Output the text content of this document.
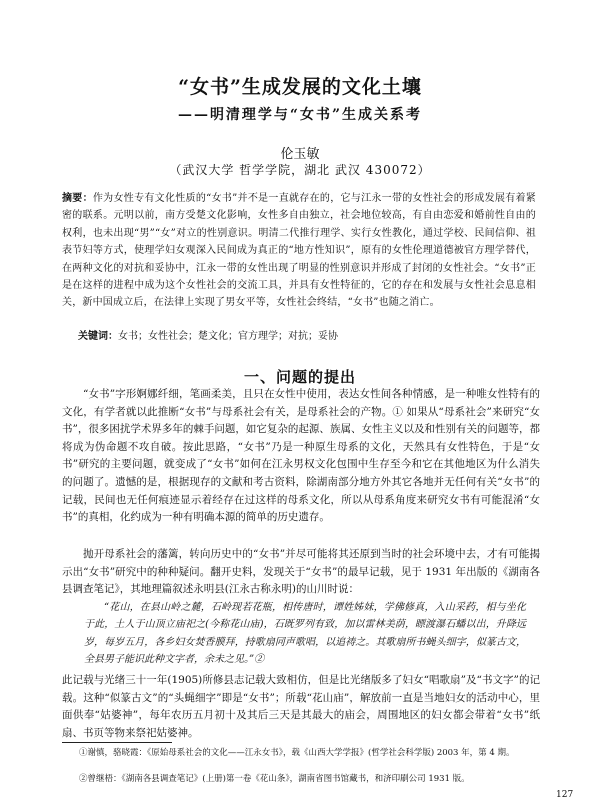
“女书”生成发展的文化土壤
——明清理学与“女书”生成关系考
伦玉敏
（武汉大学 哲学学院，湖北 武汉 430072）
摘要：作为女性专有文化性质的“女书”并不是一直就存在的，它与江永一带的女性社会的形成发展有着紧密的联系。元明以前，南方受楚文化影响，女性多自由独立，社会地位较高，有自由恋爱和婚前性自由的权利，也未出现“男”“女”对立的性别意识。明清二代推行理学、实行女性教化，通过学校、民间信仰、祖表节妇等方式，使理学妇女观深入民间成为真正的“地方性知识”，原有的女性伦理道德被官方理学替代，在两种文化的对抗和妥协中，江永一带的女性出现了明显的性别意识并形成了封闭的女性社会。“女书”正是在这样的进程中成为这个女性社会的交流工具，并具有女性特征的，它的存在和发展与女性社会息息相关，新中国成立后，在法律上实现了男女平等，女性社会终结，“女书”也随之消亡。
关键词：女书；女性社会；楚文化；官方理学；对抗；妥协
一、问题的提出
“女书”字形婀娜纤细，笔画柔美，且只在女性中使用，表达女性间各种情感，是一种唯女性特有的文化，有学者就以此推断“女书”与母系社会有关，是母系社会的产物。① 如果从“母系社会”来研究“女书”，很多困扰学术界多年的棘手问题，如它复杂的起源、族属、女性主义以及和性别有关的问题等，都将成为伪命题不攻自破。按此思路，“女书”乃是一种原生母系的文化，天然具有女性特色，于是“女书”研究的主要问题，就变成了“女书”如何在江永男权文化包围中生存至今和它在其他地区为什么消失的问题了。遗憾的是，根据现存的文献和考古资料，除湖南部分地方外其它各地并无任何有关“女书”的记载，民间也无任何痕迹显示着经存在过这样的母系文化，所以从母系角度来研究女书有可能混淆“女书”的真相，化约成为一种有明确本源的简单的历史遗存。
抛开母系社会的藩篱，转向历史中的“女书”并尽可能将其还原到当时的社会环境中去，才有可能揭示出“女书”研究中的种种疑问。翻开史料，发现关于“女书”的最早记载，见于 1931 年出版的《湖南各县调查笔记》，其地理篇叙述永明县(江永古称永明)的山川时说：
“花山，在县山岭之麓，石岭现若花瓶，相传唐时，谭姓姊妹，学佛修真，入山采药，相与坐化于此，土人于山顶立庙祀之(今称花山庙)，石既罗列有致，加以雷林美荫，瞟渡瀑石蟠以出，升降远岁，每岁五月，各乡妇女焚香膜拜，持歌扇同声歌唱，以追祷之。其歌扇所书蝇头细字，似篆古文，全县男子能识此种文字者，余未之见。”②
此记载与光绪三十一年(1905)所修县志记载大致相仿，但是比光绪版多了妇女“唱歌扇”及“书文字”的记载。这种“似篆古文”的“头蝇细字”即是“女书”；所载“花山庙”，解放前一直是当地妇女的活动中心，里面供奉“姑婆神”，每年农历五月初十及其后三天是其最大的庙会，周围地区的妇女都会带着“女书”纸扇、书页等物来祭祀姑婆神。
①谢慎，骆晓霞：《原始母系社会的文化——江永女书》，载《山西大学学报》(哲学社会科学版) 2003 年，第 4 期。
②曾继梧：《湖南各县调查笔记》(上册)第一卷《花山条》，湖南省图书馆藏书，和济印刷公司 1931 版。
127
